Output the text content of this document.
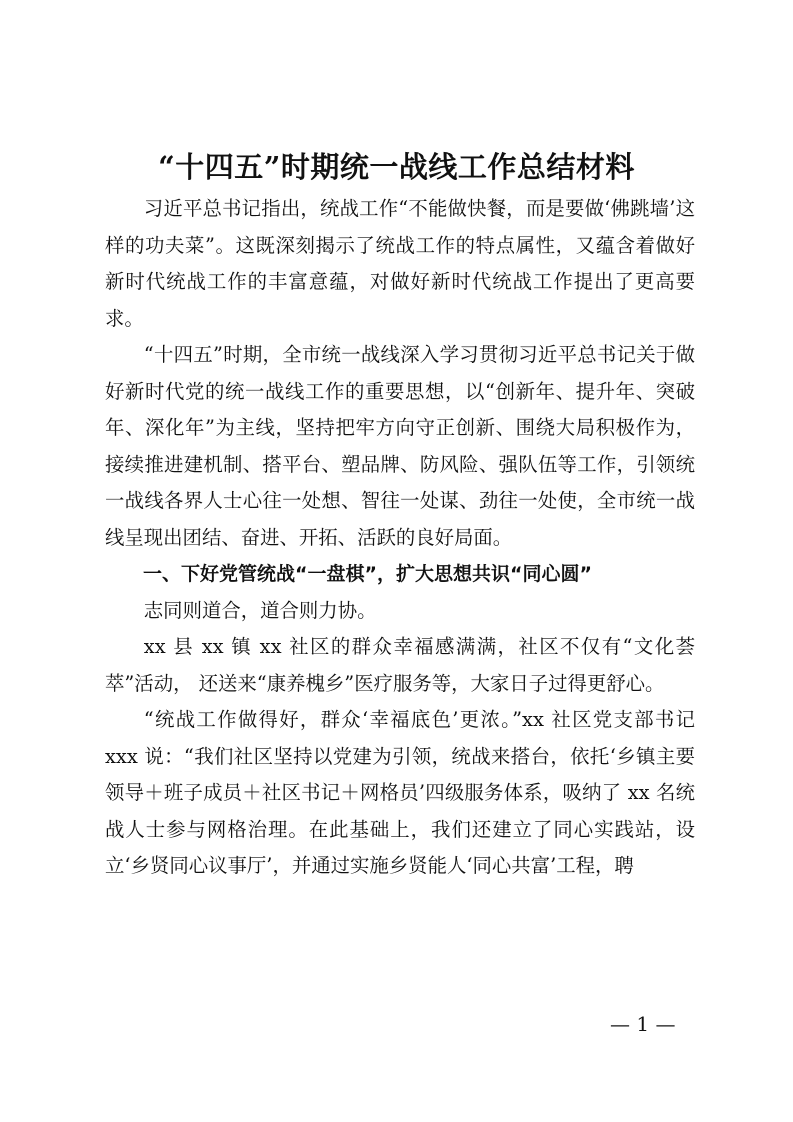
“十四五”时期统一战线工作总结材料

习近平总书记指出，统战工作“不能做快餐，而是要做‘佛跳墙’这样的功夫菜”。这既深刻揭示了统战工作的特点属性，又蕴含着做好新时代统战工作的丰富意蕴，对做好新时代统战工作提出了更高要求。

“十四五”时期，全市统一战线深入学习贯彻习近平总书记关于做好新时代党的统一战线工作的重要思想，以“创新年、提升年、突破年、深化年”为主线，坚持把牢方向守正创新、围绕大局积极作为，接续推进建机制、搭平台、塑品牌、防风险、强队伍等工作，引领统一战线各界人士心往一处想、智往一处谋、劲往一处使，全市统一战线呈现出团结、奋进、开拓、活跃的良好局面。

一、下好党管统战“一盘棋”，扩大思想共识“同心圆”

志同则道合，道合则力协。

xx 县 xx 镇 xx 社区的群众幸福感满满，社区不仅有“文化荟萃”活动， 还送来“康养槐乡”医疗服务等，大家日子过得更舒心。

“统战工作做得好，群众‘幸福底色’更浓。”xx 社区党支部书记 xxx 说：“我们社区坚持以党建为引领，统战来搭台，依托‘乡镇主要领导＋班子成员＋社区书记＋网格员’四级服务体系，吸纳了 xx 名统战人士参与网格治理。在此基础上，我们还建立了同心实践站，设立‘乡贤同心议事厅’，并通过实施乡贤能人‘同心共富’工程，聘

— 1 —
